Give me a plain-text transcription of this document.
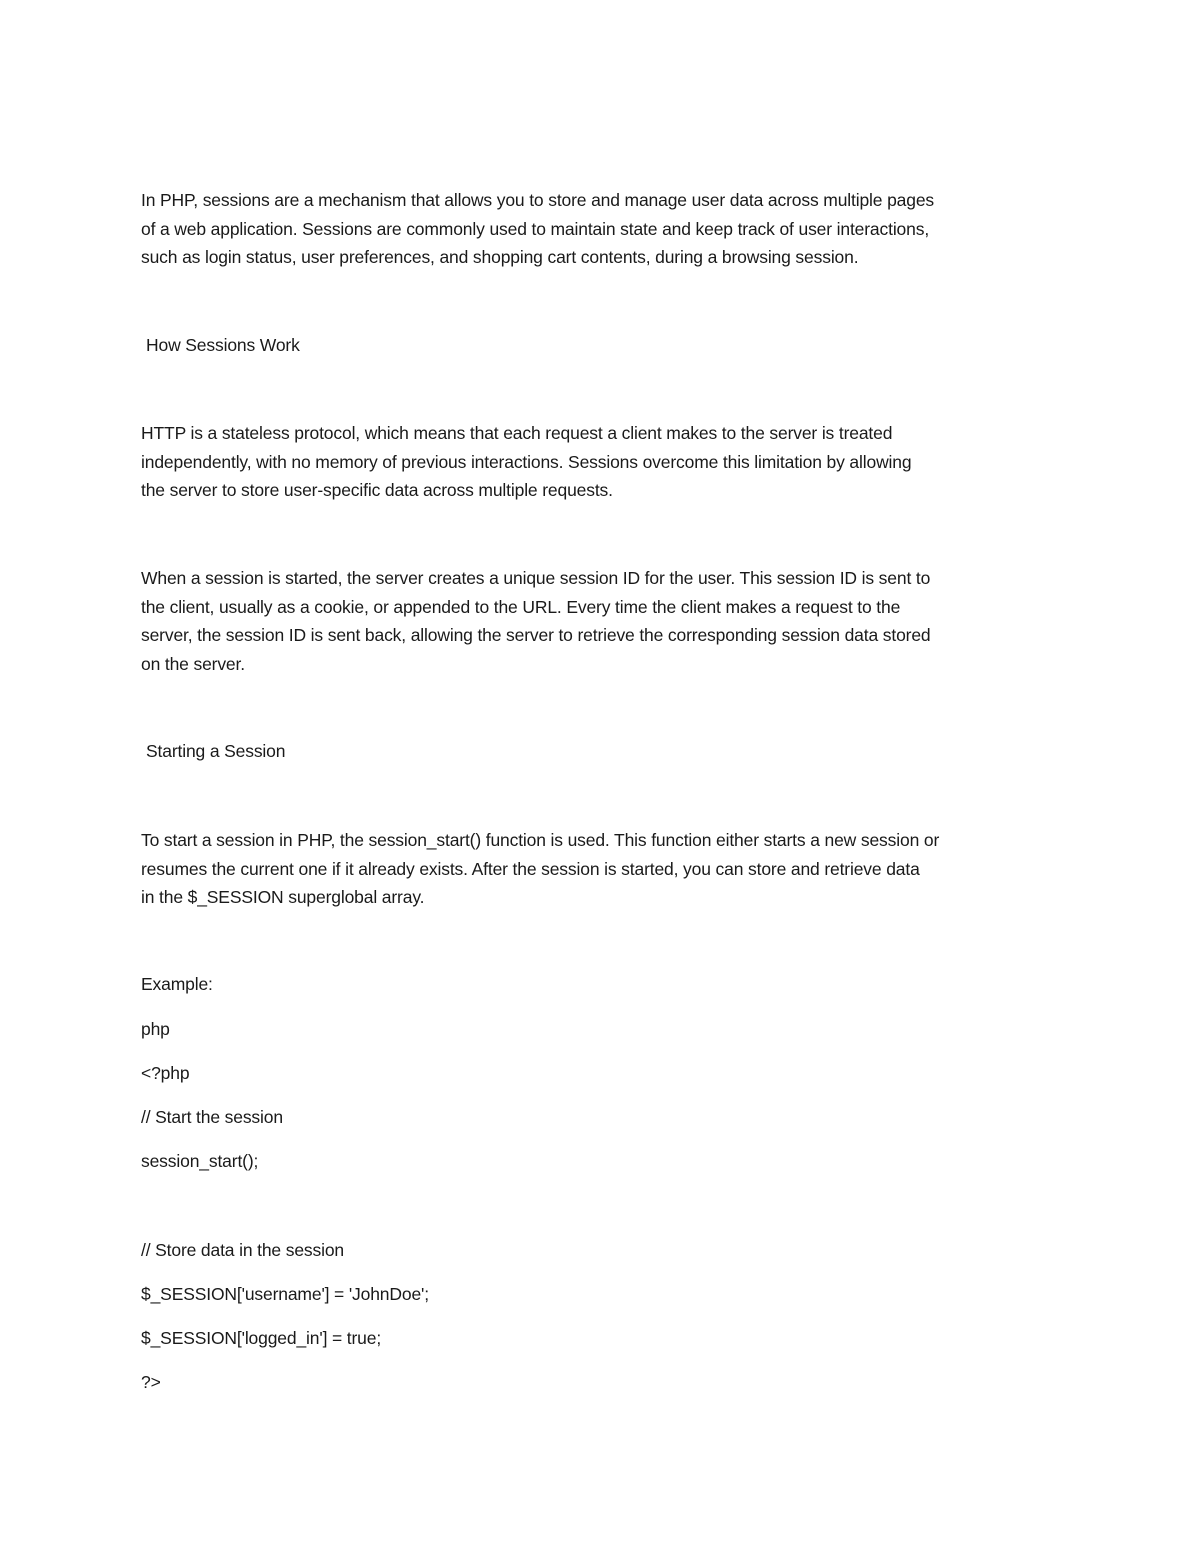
In PHP, sessions are a mechanism that allows you to store and manage user data across multiple pages
of a web application. Sessions are commonly used to maintain state and keep track of user interactions,
such as login status, user preferences, and shopping cart contents, during a browsing session.

How Sessions Work

HTTP is a stateless protocol, which means that each request a client makes to the server is treated
independently, with no memory of previous interactions. Sessions overcome this limitation by allowing
the server to store user-specific data across multiple requests.

When a session is started, the server creates a unique session ID for the user. This session ID is sent to
the client, usually as a cookie, or appended to the URL. Every time the client makes a request to the
server, the session ID is sent back, allowing the server to retrieve the corresponding session data stored
on the server.

Starting a Session

To start a session in PHP, the session_start() function is used. This function either starts a new session or
resumes the current one if it already exists. After the session is started, you can store and retrieve data
in the $_SESSION superglobal array.

Example:

php

<?php

// Start the session

session_start();

// Store data in the session

$_SESSION['username'] = 'JohnDoe';

$_SESSION['logged_in'] = true;

?>
